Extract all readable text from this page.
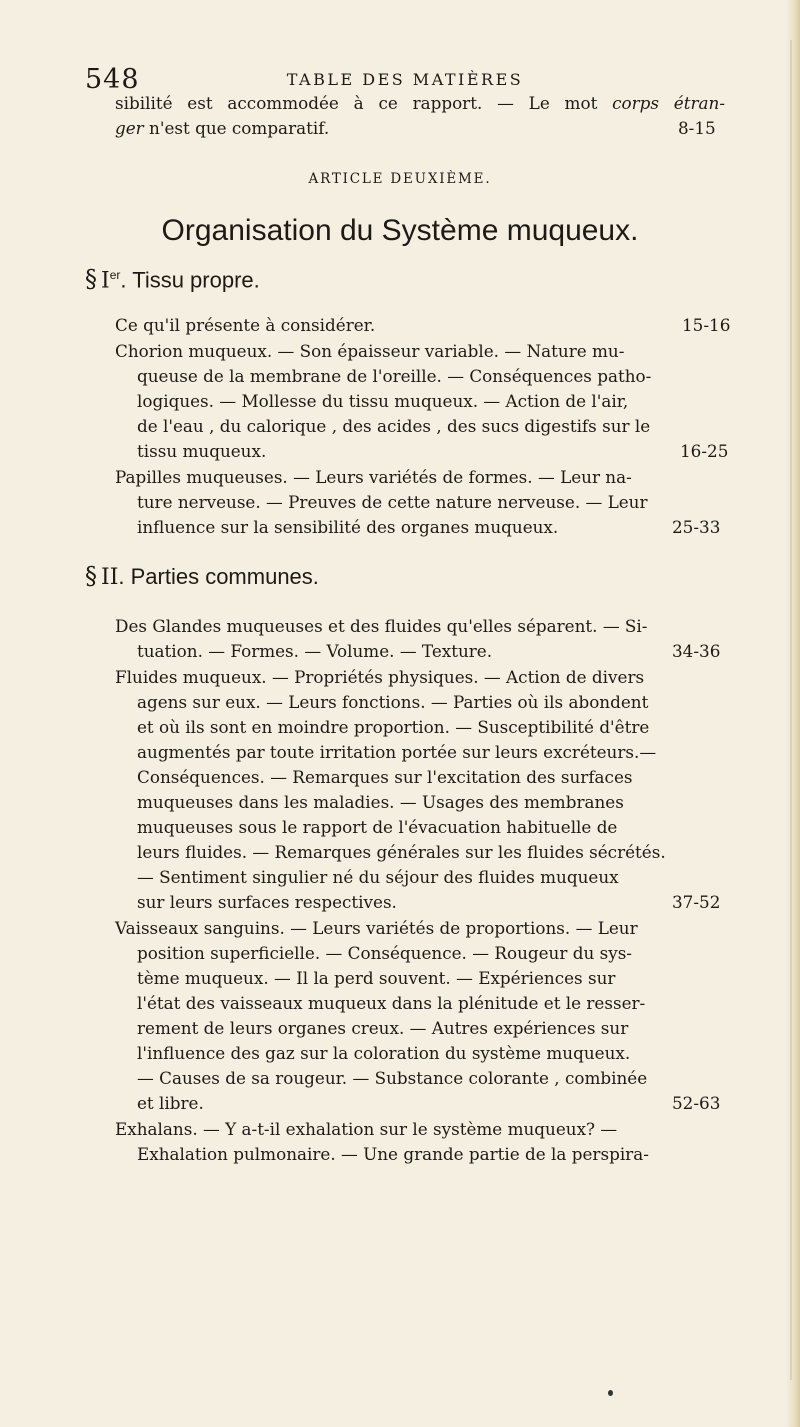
548	TABLE DES MATIÈRES
sibilité est accommodée à ce rapport. — Le mot corps étran-
ger n'est que comparatif.	8-15
ARTICLE DEUXIÈME.
Organisation du Système muqueux.
§ Ier. Tissu propre.
Ce qu'il présente à considérer.	15-16
Chorion muqueux. — Son épaisseur variable. — Nature mu-
queuse de la membrane de l'oreille. — Conséquences patho-
logiques. — Mollesse du tissu muqueux. — Action de l'air,
de l'eau , du calorique , des acides , des sucs digestifs sur le
tissu muqueux.	16-25
Papilles muqueuses. — Leurs variétés de formes. — Leur na-
ture nerveuse. — Preuves de cette nature nerveuse. — Leur
influence sur la sensibilité des organes muqueux.	25-33
§ II. Parties communes.
Des Glandes muqueuses et des fluides qu'elles séparent. — Si-
tuation. — Formes. — Volume. — Texture.	34-36
Fluides muqueux. — Propriétés physiques. — Action de divers
agens sur eux. — Leurs fonctions. — Parties où ils abondent
et où ils sont en moindre proportion. — Susceptibilité d'être
augmentés par toute irritation portée sur leurs excréteurs.—
Conséquences. — Remarques sur l'excitation des surfaces
muqueuses dans les maladies. — Usages des membranes
muqueuses sous le rapport de l'évacuation habituelle de
leurs fluides. — Remarques générales sur les fluides sécrétés.
— Sentiment singulier né du séjour des fluides muqueux
sur leurs surfaces respectives.	37-52
Vaisseaux sanguins. — Leurs variétés de proportions. — Leur
position superficielle. — Conséquence. — Rougeur du sys-
tème muqueux. — Il la perd souvent. — Expériences sur
l'état des vaisseaux muqueux dans la plénitude et le resser-
rement de leurs organes creux. — Autres expériences sur
l'influence des gaz sur la coloration du système muqueux.
— Causes de sa rougeur. — Substance colorante , combinée
et libre.	52-63
Exhalans. — Y a-t-il exhalation sur le système muqueux? —
Exhalation pulmonaire. — Une grande partie de la perspira-
